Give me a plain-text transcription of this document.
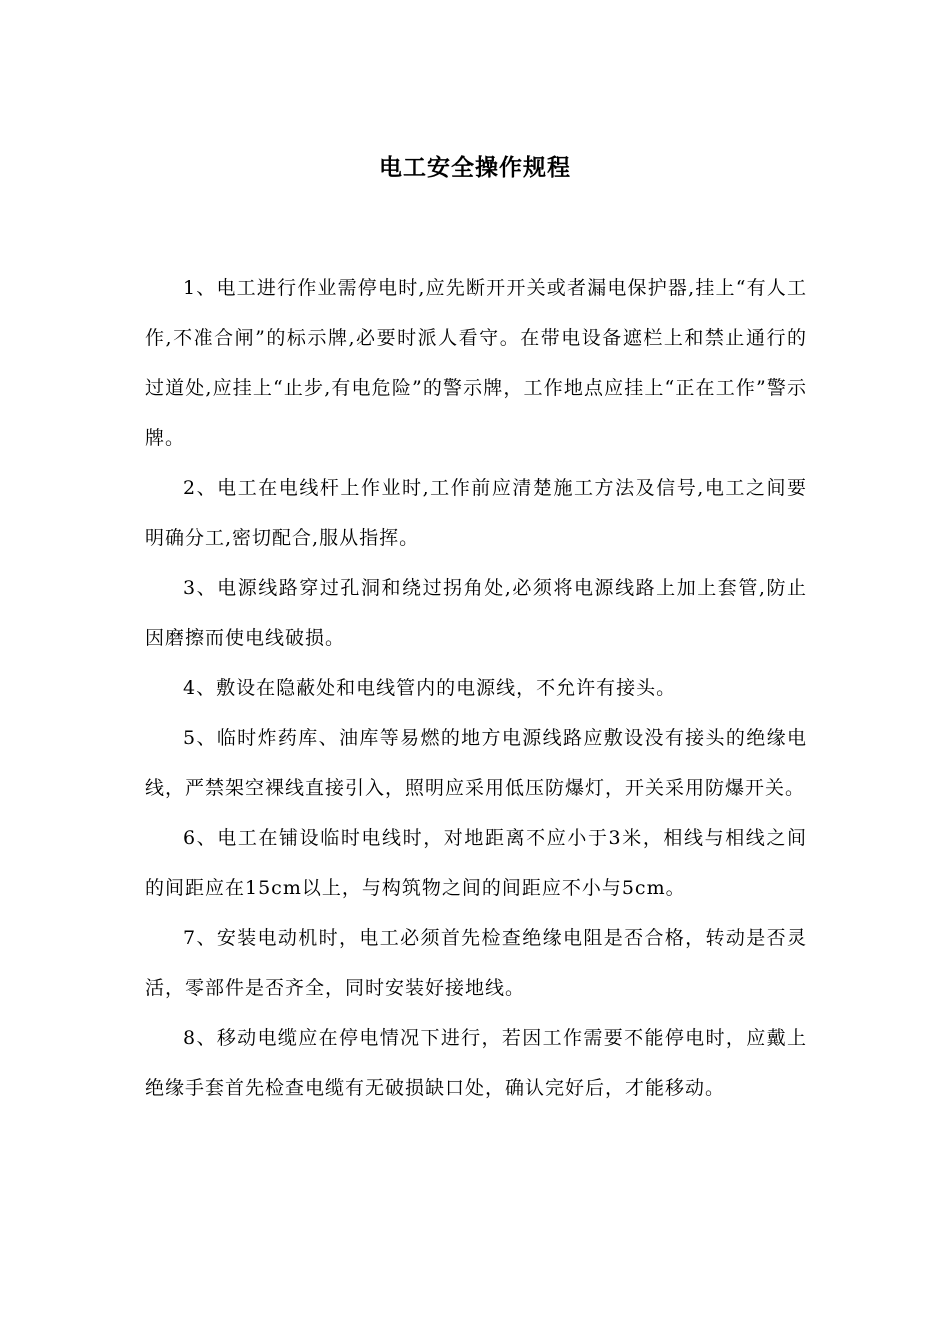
电工安全操作规程

1、电工进行作业需停电时,应先断开开关或者漏电保护器,挂上“有人工作,不准合闸”的标示牌,必要时派人看守。在带电设备遮栏上和禁止通行的过道处,应挂上“止步,有电危险”的警示牌，工作地点应挂上“正在工作”警示牌。

2、电工在电线杆上作业时,工作前应清楚施工方法及信号,电工之间要明确分工,密切配合,服从指挥。

3、电源线路穿过孔洞和绕过拐角处,必须将电源线路上加上套管,防止因磨擦而使电线破损。

4、敷设在隐蔽处和电线管内的电源线，不允许有接头。

5、临时炸药库、油库等易燃的地方电源线路应敷设没有接头的绝缘电线，严禁架空裸线直接引入，照明应采用低压防爆灯，开关采用防爆开关。

6、电工在铺设临时电线时，对地距离不应小于3米，相线与相线之间的间距应在15cm以上，与构筑物之间的间距应不小与5cm。

7、安装电动机时，电工必须首先检查绝缘电阻是否合格，转动是否灵活，零部件是否齐全，同时安装好接地线。

8、移动电缆应在停电情况下进行，若因工作需要不能停电时，应戴上绝缘手套首先检查电缆有无破损缺口处，确认完好后，才能移动。
